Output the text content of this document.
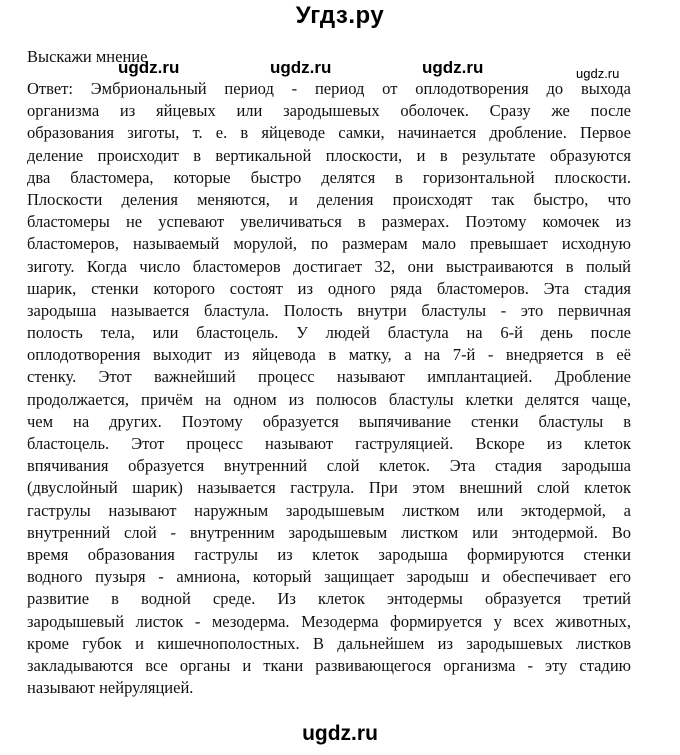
Угдз.ру
Выскажи мнение
ugdz.ru	ugdz.ru	ugdz.ru	ugdz.ru
Ответ: Эмбриональный период - период от оплодотворения до выхода
организма из яйцевых или зародышевых оболочек. Сразу же после
образования зиготы, т. е. в яйцеводе самки, начинается дробление. Первое
деление происходит в вертикальной плоскости, и в результате образуются
два бластомера, которые быстро делятся в горизонтальной плоскости.
Плоскости деления меняются, и деления происходят так быстро, что
бластомеры не успевают увеличиваться в размерах. Поэтому комочек из
бластомеров, называемый морулой, по размерам мало превышает исходную
зиготу. Когда число бластомеров достигает 32, они выстраиваются в полый
шарик, стенки которого состоят из одного ряда бластомеров. Эта стадия
зародыша называется бластула. Полость внутри бластулы - это первичная
полость тела, или бластоцель. У людей бластула на 6-й день после
оплодотворения выходит из яйцевода в матку, а на 7-й - внедряется в её
стенку. Этот важнейший процесс называют имплантацией. Дробление
продолжается, причём на одном из полюсов бластулы клетки делятся чаще,
чем на других. Поэтому образуется выпячивание стенки бластулы в
бластоцель. Этот процесс называют гаструляцией. Вскоре из клеток
впячивания образуется внутренний слой клеток. Эта стадия зародыша
(двуслойный шарик) называется гаструла. При этом внешний слой клеток
гаструлы называют наружным зародышевым листком или эктодермой, а
внутренний слой - внутренним зародышевым листком или энтодермой. Во
время образования гаструлы из клеток зародыша формируются стенки
водного пузыря - амниона, который защищает зародыш и обеспечивает его
развитие в водной среде. Из клеток энтодермы образуется третий
зародышевый листок - мезодерма. Мезодерма формируется у всех животных,
кроме губок и кишечнополостных. В дальнейшем из зародышевых листков
закладываются все органы и ткани развивающегося организма - эту стадию
называют нейруляцией.
ugdz.ru
